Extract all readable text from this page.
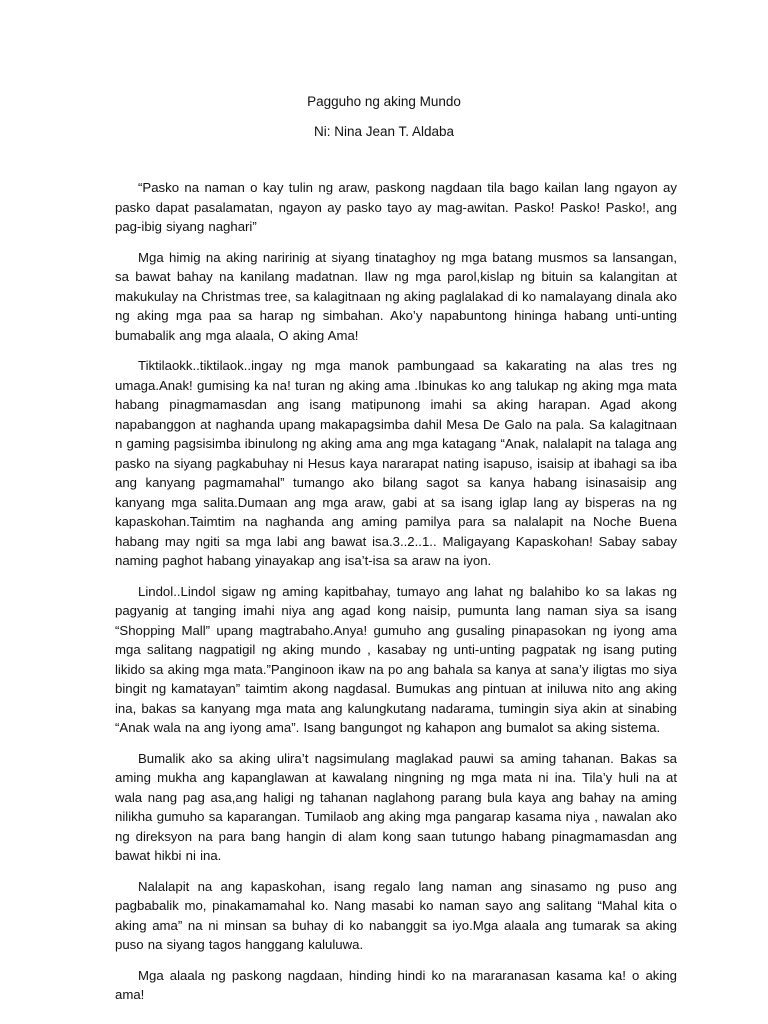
Pagguho ng aking Mundo
Ni: Nina Jean T. Aldaba

“Pasko na naman o kay tulin ng araw, paskong nagdaan tila bago kailan lang ngayon ay pasko dapat pasalamatan, ngayon ay pasko tayo ay mag-awitan. Pasko! Pasko! Pasko!, ang pag-ibig siyang naghari”

Mga himig na aking naririnig at siyang tinataghoy ng mga batang musmos sa lansangan, sa bawat bahay na kanilang madatnan. Ilaw ng mga parol,kislap ng bituin sa kalangitan at makukulay na Christmas tree, sa kalagitnaan ng aking paglalakad di ko namalayang dinala ako ng aking mga paa sa harap ng simbahan. Ako’y napabuntong hininga habang unti-unting bumabalik ang mga alaala, O aking Ama!

Tiktilaokk..tiktilaok..ingay ng mga manok pambungaad sa kakarating na alas tres ng umaga.Anak! gumising ka na! turan ng aking ama .Ibinukas ko ang talukap ng aking mga mata habang pinagmamasdan ang isang matipunong imahi sa aking harapan. Agad akong napabanggon at naghanda upang makapagsimba dahil Mesa De Galo na pala. Sa kalagitnaan n gaming pagsisimba ibinulong ng aking ama ang mga katagang “Anak, nalalapit na talaga ang pasko na siyang pagkabuhay ni Hesus kaya nararapat nating isapuso, isaisip at ibahagi sa iba ang kanyang pagmamahal” tumango ako bilang sagot sa kanya habang isinasaisip ang kanyang mga salita.Dumaan ang mga araw, gabi at sa isang iglap lang ay bisperas na ng kapaskohan.Taimtim na naghanda ang aming pamilya para sa nalalapit na Noche Buena habang may ngiti sa mga labi ang bawat isa.3..2..1.. Maligayang Kapaskohan! Sabay sabay naming paghot habang yinayakap ang isa’t-isa sa araw na iyon.

Lindol..Lindol sigaw ng aming kapitbahay, tumayo ang lahat ng balahibo ko sa lakas ng pagyanig at tanging imahi niya ang agad kong naisip, pumunta lang naman siya sa isang “Shopping Mall” upang magtrabaho.Anya! gumuho ang gusaling pinapasokan ng iyong ama mga salitang nagpatigil ng aking mundo , kasabay ng unti-unting pagpatak ng isang puting likido sa aking mga mata.”Panginoon ikaw na po ang bahala sa kanya at sana’y iligtas mo siya bingit ng kamatayan” taimtim akong nagdasal. Bumukas ang pintuan at iniluwa nito ang aking ina, bakas sa kanyang mga mata ang kalungkutang nadarama, tumingin siya akin at sinabing “Anak wala na ang iyong ama”. Isang bangungot ng kahapon ang bumalot sa aking sistema.

Bumalik ako sa aking ulira’t nagsimulang maglakad pauwi sa aming tahanan. Bakas sa aming mukha ang kapanglawan at kawalang ningning ng mga mata ni ina. Tila’y huli na at wala nang pag asa,ang haligi ng tahanan naglahong parang bula kaya ang bahay na aming nilikha gumuho sa kaparangan. Tumilaob ang aking mga pangarap kasama niya , nawalan ako ng direksyon na para bang hangin di alam kong saan tutungo habang pinagmamasdan ang bawat hikbi ni ina.

Nalalapit na ang kapaskohan, isang regalo lang naman ang sinasamo ng puso ang pagbabalik mo, pinakamamahal ko. Nang masabi ko naman sayo ang salitang “Mahal kita o aking ama” na ni minsan sa buhay di ko nabanggit sa iyo.Mga alaala ang tumarak sa aking puso na siyang tagos hanggang kaluluwa.

Mga alaala ng paskong nagdaan, hinding hindi ko na mararanasan kasama ka! o aking ama!
